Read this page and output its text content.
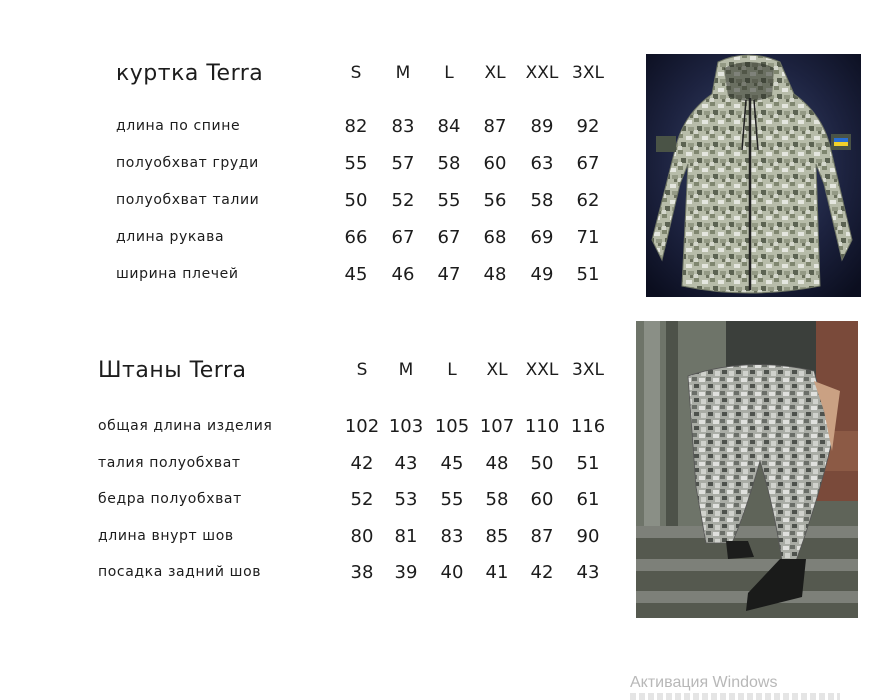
куртка Terra	S	M	L	XL	XXL 3XL
длина по спине	82	83	84	87	89	92
полуобхват груди	55	57	58	60	63	67
полуобхват талии	50	52	55	56	58	62
длина рукава	66	67	67	68	69	71
ширина плечей	45	46	47	48	49	51
Штаны Terra	S	M	L	XL	XXL 3XL
общая длина изделия	102 103 105 107 110 116
талия полуобхват	42	43	45	48	50	51
бедра полуобхват	52	53	55	58	60	61
длина внурт шов	80	81	83	85	87	90
посадка задний шов	38	39	40	41	42	43
Активация Windows
